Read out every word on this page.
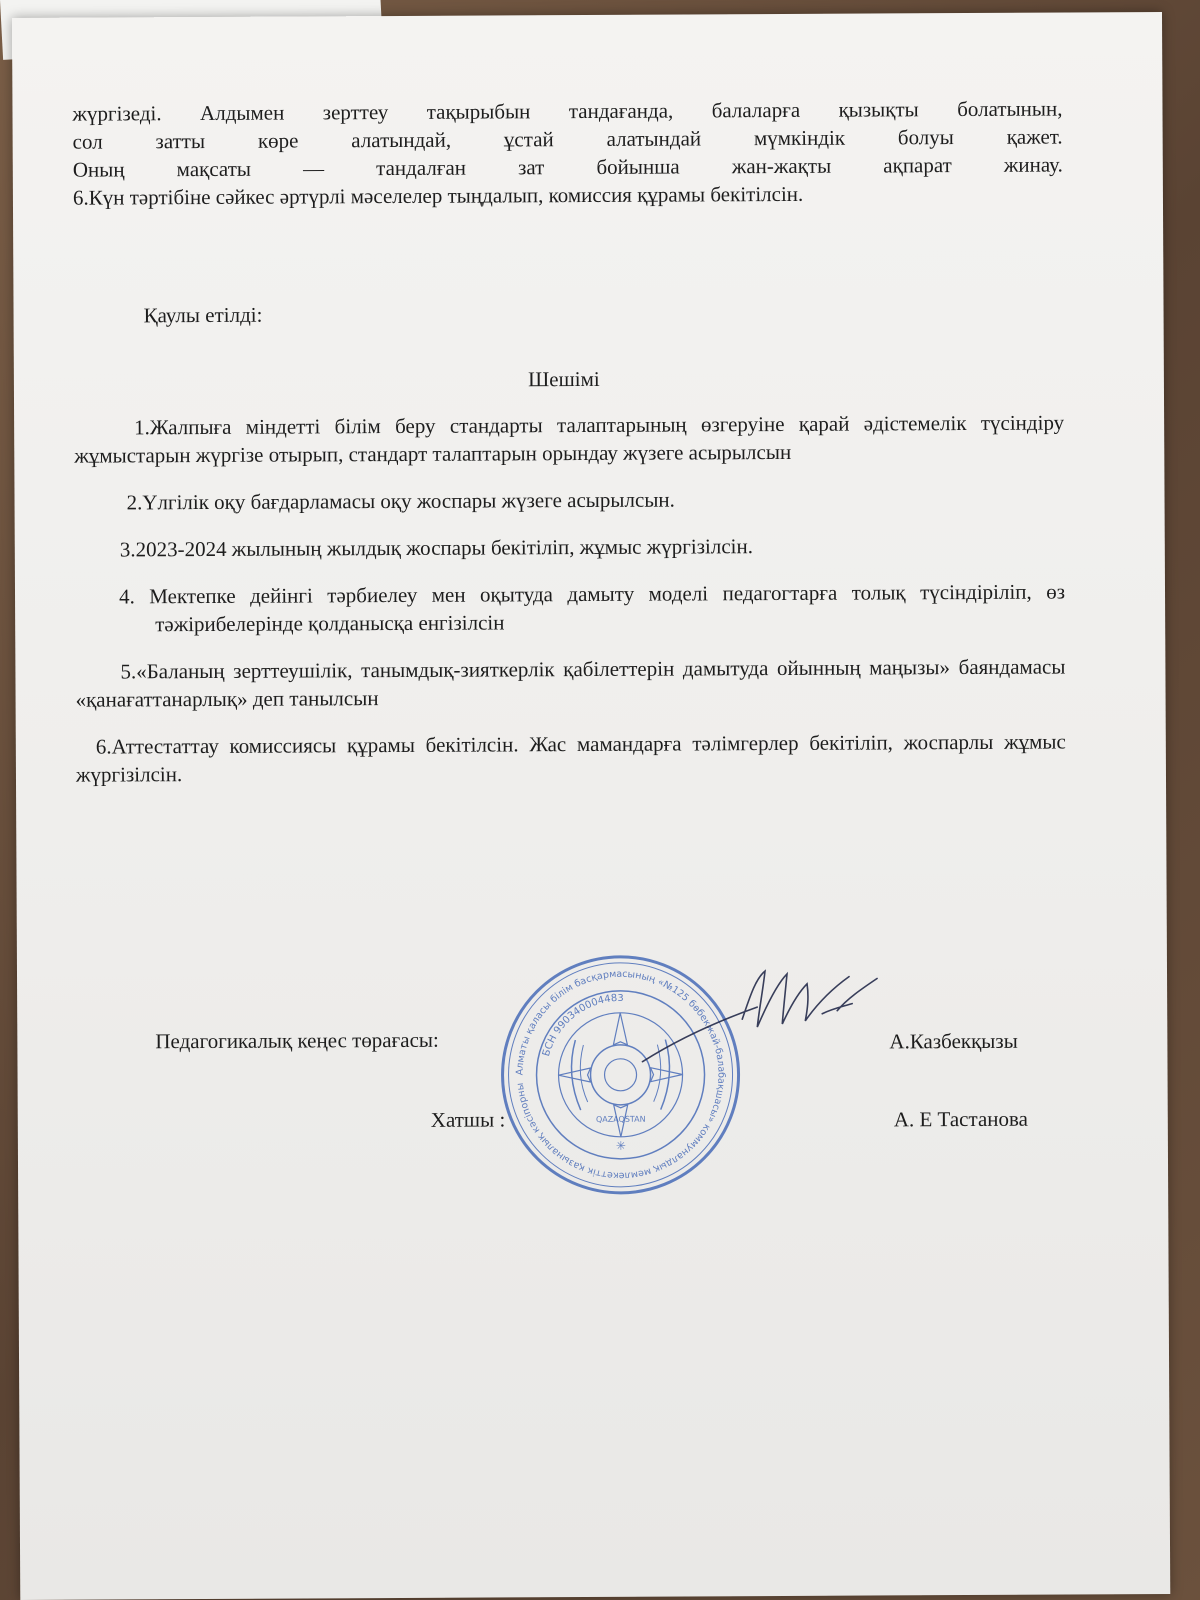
жүргізеді. Алдымен зерттеу тақырыбын тандағанда, балаларға қызықты болатынын,

сол затты көре алатындай, ұстай алатындай мүмкіндік болуы қажет.

Оның мақсаты — тандалған зат бойынша жан-жақты ақпарат жинау.

6.Күн тәртібіне сәйкес әртүрлі мәселелер тыңдалып, комиссия құрамы бекітілсін.

Қаулы етілді:
Шешімі

1.Жалпыға міндетті білім беру стандарты талаптарының өзгеруіне қарай әдістемелік түсіндіру жұмыстарын жүргізе отырып, стандарт талаптарын орындау жүзеге асырылсын

2.Үлгілік оқу бағдарламасы оқу жоспары жүзеге асырылсын.

3.2023-2024 жылының жылдық жоспары бекітіліп, жұмыс жүргізілсін.

4. Мектепке дейінгі тәрбиелеу мен оқытуда дамыту моделі педагогтарға толық түсіндіріліп, өз тәжірибелерінде қолданысқа енгізілсін

5.«Баланың зерттеушілік, танымдық-зияткерлік қабілеттерін дамытуда ойынның маңызы» баяндамасы «қанағаттанарлық» деп танылсын

6.Аттестаттау комиссиясы құрамы бекітілсін. Жас мамандарға тәлімгерлер бекітіліп, жоспарлы жұмыс жүргізілсін.

Алматы қаласы білім басқармасының «№125 бөбекжай-балабақшасы» коммуналдық мемлекеттік қазыналық кәсіпорны
БСН 990340004483
QAZAQSTAN
✳
Педагогикалық кеңес төрағасы:	А.Казбекқызы
Хатшы :	А. Е Тастанова
